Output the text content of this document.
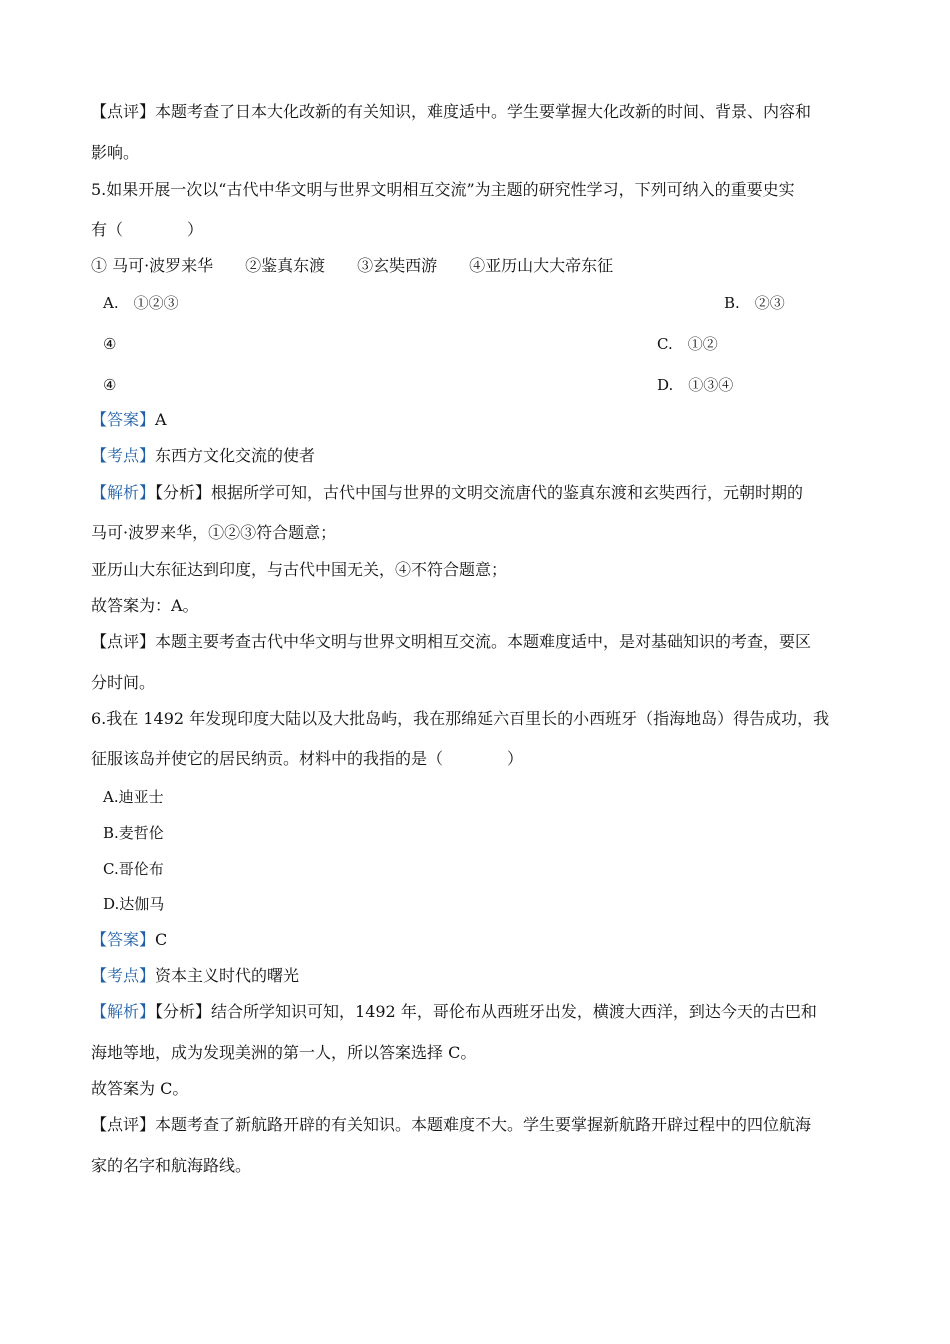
【点评】本题考查了日本大化改新的有关知识，难度适中。学生要掌握大化改新的时间、背景、内容和
影响。
5.如果开展一次以“古代中华文明与世界文明相互交流”为主题的研究性学习，下列可纳入的重要史实
有（　　　　）
① 马可·波罗来华　　②鉴真东渡　　③玄奘西游　　④亚历山大大帝东征
A.　①②③	B.　②③
④	C.　①②
④	D.　①③④
【答案】A
【考点】东西方文化交流的使者
【解析】【分析】根据所学可知，古代中国与世界的文明交流唐代的鉴真东渡和玄奘西行，元朝时期的
马可·波罗来华，①②③符合题意；
亚历山大东征达到印度，与古代中国无关，④不符合题意；
故答案为：A。
【点评】本题主要考查古代中华文明与世界文明相互交流。本题难度适中，是对基础知识的考查，要区
分时间。
6.我在 1492 年发现印度大陆以及大批岛屿，我在那绵延六百里长的小西班牙（指海地岛）得告成功，我
征服该岛并使它的居民纳贡。材料中的我指的是（　　　　）
A.迪亚士
B.麦哲伦
C.哥伦布
D.达伽马
【答案】C
【考点】资本主义时代的曙光
【解析】【分析】结合所学知识可知，1492 年，哥伦布从西班牙出发，横渡大西洋，到达今天的古巴和
海地等地，成为发现美洲的第一人，所以答案选择 C。
故答案为 C。
【点评】本题考查了新航路开辟的有关知识。本题难度不大。学生要掌握新航路开辟过程中的四位航海
家的名字和航海路线。
